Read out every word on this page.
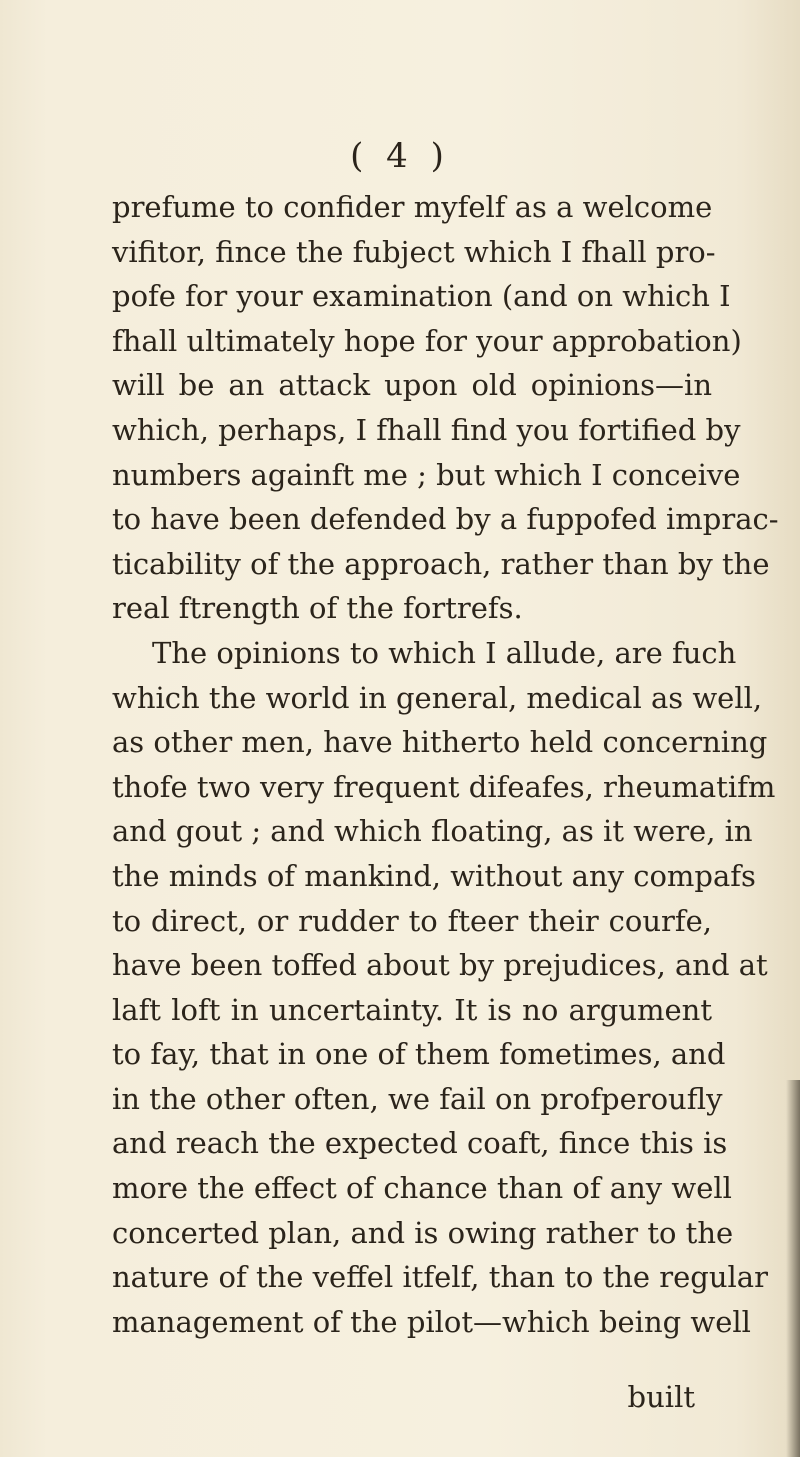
( 4 )
prefume to confider myfelf as a welcome
vifitor, fince the fubject which I fhall pro-
pofe for your examination (and on which I
fhall ultimately hope for your approbation)
will be an attack upon old opinions—in
which, perhaps, I fhall find you fortified by
numbers againft me ; but which I conceive
to have been defended by a fuppofed imprac-
ticability of the approach, rather than by the
real ftrength of the fortrefs.
The opinions to which I allude, are fuch
which the world in general, medical as well,
as other men, have hitherto held concerning
thofe two very frequent difeafes, rheumatifm
and gout ; and which floating, as it were, in
the minds of mankind, without any compafs
to direct, or rudder to fteer their courfe,
have been toffed about by prejudices, and at
laft loft in uncertainty. It is no argument
to fay, that in one of them fometimes, and
in the other often, we fail on profperoufly
and reach the expected coaft, fince this is
more the effect of chance than of any well
concerted plan, and is owing rather to the
nature of the veffel itfelf, than to the regular
management of the pilot—which being well
built
